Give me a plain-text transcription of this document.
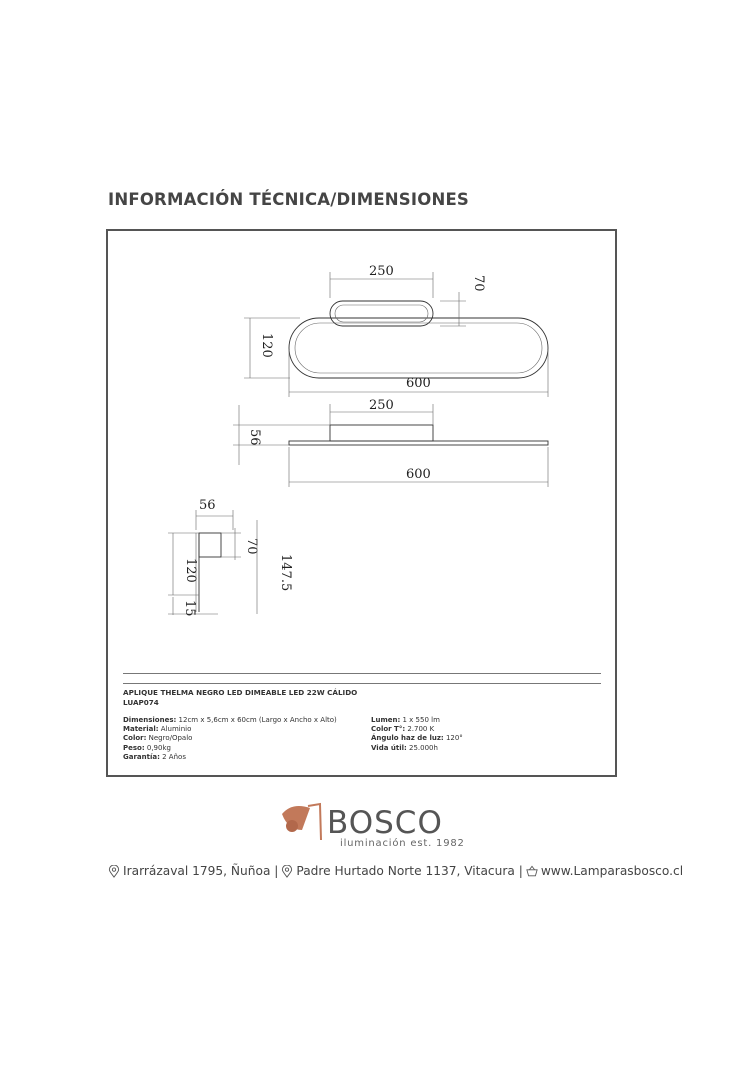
INFORMACIÓN TÉCNICA/DIMENSIONES
250
70
120
600
250
56
600
56
70
147.5
120
15
APLIQUE THELMA NEGRO LED DIMEABLE LED 22W CÁLIDO
LUAP074
Dimensiones: 12cm x 5,6cm x 60cm (Largo x Ancho x Alto)
Material: Aluminio
Color: Negro/Opalo
Peso: 0,90kg
Garantía: 2 Años
Lumen: 1 x 550 lm
Color T°: 2.700 K
Ángulo haz de luz: 120°
Vida útil: 25.000h
BOSCO
iluminación est. 1982
Irarrázaval 1795, Ñuñoa | Padre Hurtado Norte 1137, Vitacura | www.Lamparasbosco.cl
